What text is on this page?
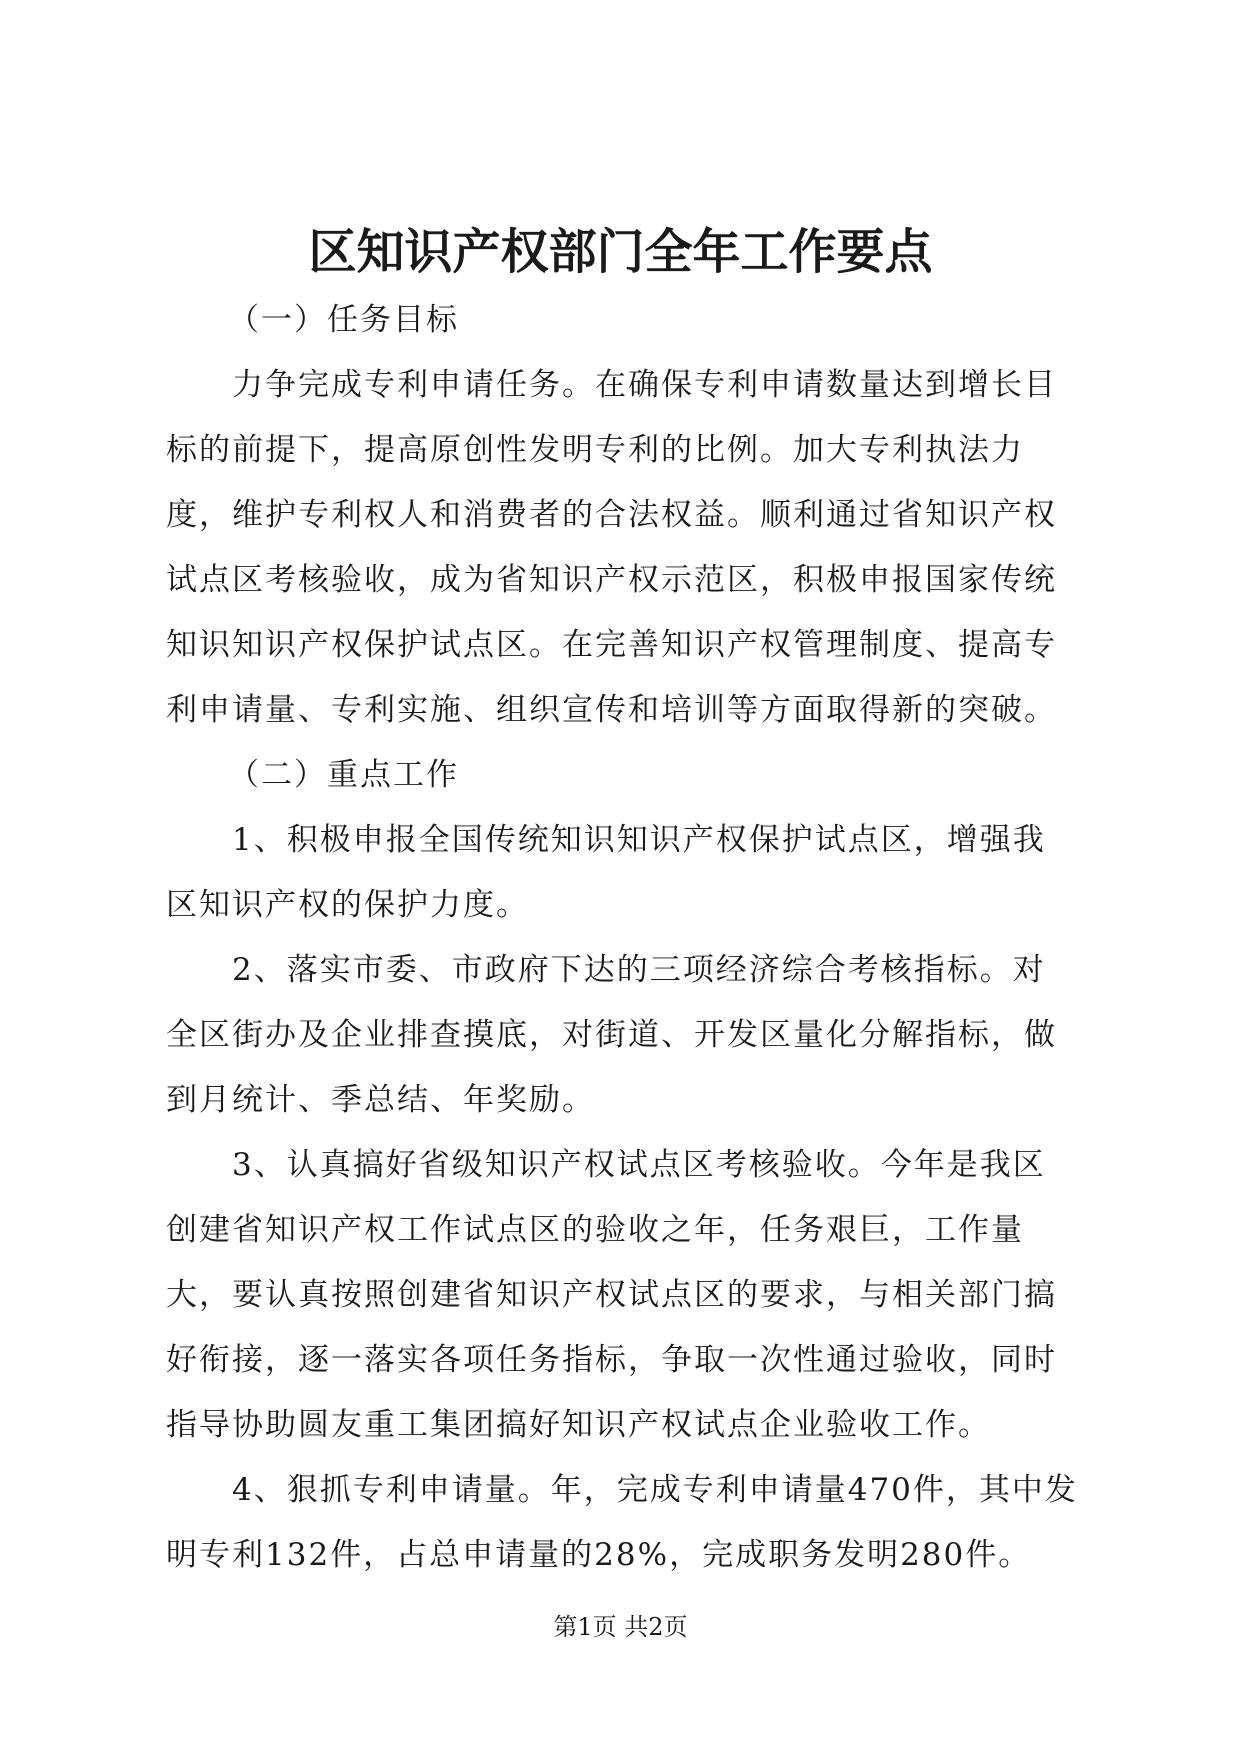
区知识产权部门全年工作要点

（一）任务目标

力争完成专利申请任务。在确保专利申请数量达到增长目标的前提下，提高原创性发明专利的比例。加大专利执法力度，维护专利权人和消费者的合法权益。顺利通过省知识产权试点区考核验收，成为省知识产权示范区，积极申报国家传统知识知识产权保护试点区。在完善知识产权管理制度、提高专利申请量、专利实施、组织宣传和培训等方面取得新的突破。

（二）重点工作

1、积极申报全国传统知识知识产权保护试点区，增强我区知识产权的保护力度。

2、落实市委、市政府下达的三项经济综合考核指标。对全区街办及企业排查摸底，对街道、开发区量化分解指标，做到月统计、季总结、年奖励。

3、认真搞好省级知识产权试点区考核验收。今年是我区创建省知识产权工作试点区的验收之年，任务艰巨，工作量大，要认真按照创建省知识产权试点区的要求，与相关部门搞好衔接，逐一落实各项任务指标，争取一次性通过验收，同时指导协助圆友重工集团搞好知识产权试点企业验收工作。

4、狠抓专利申请量。年，完成专利申请量470件，其中发明专利132件，占总申请量的28%，完成职务发明280件。

第1页 共2页
